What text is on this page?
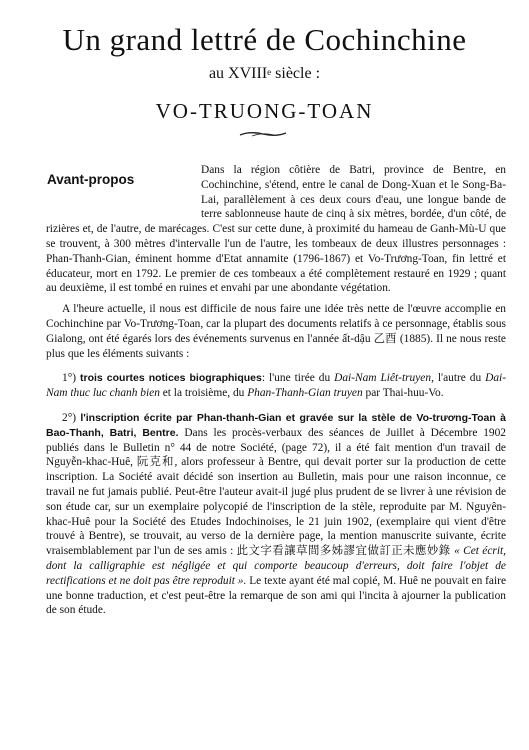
Un grand lettré de Cochinchine
au XVIIIe siècle :
VO-TRUONG-TOAN
Avant-propos

Dans la région côtière de Batri, province de Bentre, en Cochinchine, s'étend, entre le canal de Dong-Xuan et le Song-Ba-Lai, parallèlement à ces deux cours d'eau, une longue bande de terre sablonneuse haute de cinq à six mètres, bordée, d'un côté, de rizières et, de l'autre, de marécages. C'est sur cette dune, à proximité du hameau de Ganh-Mù-U que se trouvent, à 300 mètres d'intervalle l'un de l'autre, les tombeaux de deux illustres personnages : Phan-Thanh-Gian, éminent homme d'Etat annamite (1796-1867) et Vo-Trương-Toan, fin lettré et éducateur, mort en 1792. Le premier de ces tombeaux a été complètement restauré en 1929 ; quant au deuxième, il est tombé en ruines et envahi par une abondante végétation.

A l'heure actuelle, il nous est difficile de nous faire une idée très nette de l'œuvre accomplie en Cochinchine par Vo-Trương-Toan, car la plupart des documents relatifs à ce personnage, établis sous Gialong, ont été égarés lors des événements survenus en l'année ất-dậu 乙酉 (1885). Il ne nous reste plus que les éléments suivants :

1°) trois courtes notices biographiques: l'une tirée du Dai-Nam Liêt-truyen, l'autre du Dai-Nam thuc luc chanh bien et la troisième, du Phan-Thanh-Gian truyen par Thai-huu-Vo.

2°) l'inscription écrite par Phan-thanh-Gian et gravée sur la stèle de Vo-trương-Toan à Bao-Thanh, Batri, Bentre. Dans les procès-verbaux des séances de Juillet à Décembre 1902 publiés dans le Bulletin n° 44 de notre Société, (page 72), il a été fait mention d'un travail de Nguyễn-khac-Huê, 阮克和, alors professeur à Bentre, qui devait porter sur la production de cette inscription. La Société avait décidé son insertion au Bulletin, mais pour une raison inconnue, ce travail ne fut jamais publié. Peut-être l'auteur avait-il jugé plus prudent de se livrer à une révision de son étude car, sur un exemplaire polycopié de l'inscription de la stèle, reproduite par M. Nguyên-khac-Huê pour la Société des Etudes Indochinoises, le 21 juin 1902, (exemplaire qui vient d'être trouvé à Bentre), se trouvait, au verso de la dernière page, la mention manuscrite suivante, écrite vraisemblablement par l'un de ses amis : 此文字看讓草間多姊謬宜做訂正未應妙錄 « Cet écrit, dont la calligraphie est négligée et qui comporte beaucoup d'erreurs, doit faire l'objet de rectifications et ne doit pas être reproduit ». Le texte ayant été mal copié, M. Huê ne pouvait en faire une bonne traduction, et c'est peut-être la remarque de son ami qui l'incita à ajourner la publication de son étude.
